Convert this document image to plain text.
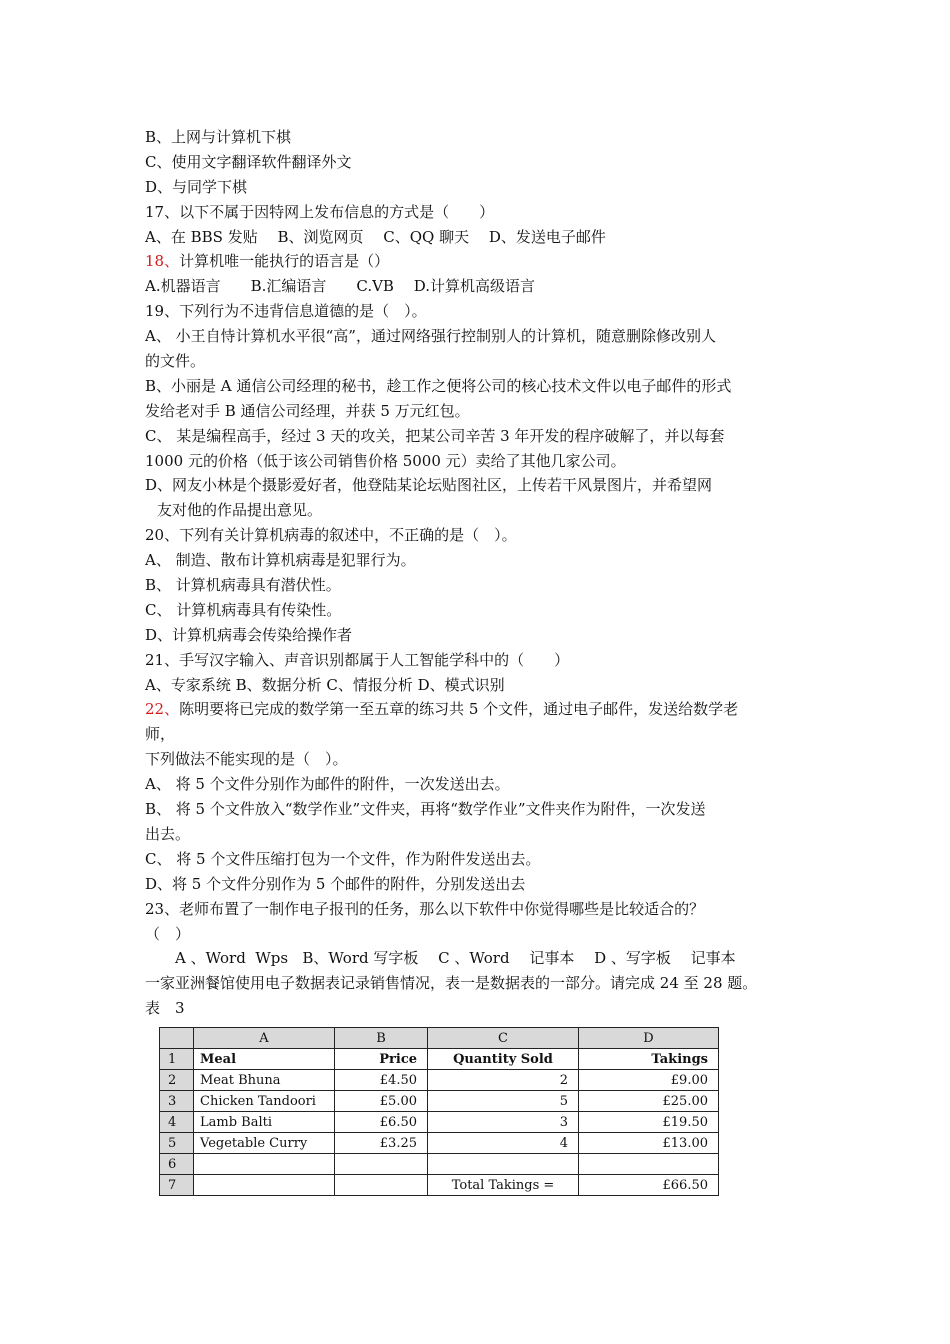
B、上网与计算机下棋
C、使用文字翻译软件翻译外文
D、与同学下棋
17、以下不属于因特网上发布信息的方式是（　　）
A、在 BBS 发贴　 B、浏览网页　 C、QQ 聊天　 D、发送电子邮件
18、计算机唯一能执行的语言是（）
A.机器语言　　B.汇编语言　　C.VB　 D.计算机高级语言
19、下列行为不违背信息道德的是（　）。
A、 小王自恃计算机水平很“高”，通过网络强行控制别人的计算机，随意删除修改别人
的文件。
B、小丽是 A 通信公司经理的秘书，趁工作之便将公司的核心技术文件以电子邮件的形式
发给老对手 B 通信公司经理，并获 5 万元红包。
C、 某是编程高手，经过 3 天的攻关，把某公司辛苦 3 年开发的程序破解了，并以每套
1000 元的价格（低于该公司销售价格 5000 元）卖给了其他几家公司。
D、网友小林是个摄影爱好者，他登陆某论坛贴图社区，上传若干风景图片，并希望网
友对他的作品提出意见。
20、下列有关计算机病毒的叙述中，不正确的是（　）。
A、 制造、散布计算机病毒是犯罪行为。
B、 计算机病毒具有潜伏性。
C、 计算机病毒具有传染性。
D、计算机病毒会传染给操作者
21、手写汉字输入、声音识别都属于人工智能学科中的（　　）
A、专家系统 B、数据分析 C、情报分析 D、模式识别
22、陈明要将已完成的数学第一至五章的练习共 5 个文件，通过电子邮件，发送给数学老
师，
下列做法不能实现的是（　）。
A、 将 5 个文件分别作为邮件的附件，一次发送出去。
B、 将 5 个文件放入“数学作业”文件夹，再将“数学作业”文件夹作为附件，一次发送
出去。
C、 将 5 个文件压缩打包为一个文件，作为附件发送出去。
D、将 5 个文件分别作为 5 个邮件的附件，分别发送出去
23、老师布置了一制作电子报刊的任务，那么以下软件中你觉得哪些是比较适合的？
（　）
　　A 、Word  Wps   B、Word 写字板　 C 、Word　 记事本　 D 、写字板　 记事本
一家亚洲餐馆使用电子数据表记录销售情况，表一是数据表的一部分。请完成 24 至 28 题。
表　3
	A	B	C	D
1	Meal	Price	Quantity Sold	Takings
2	Meat Bhuna	£4.50	2	£9.00
3	Chicken Tandoori	£5.00	5	£25.00
4	Lamb Balti	£6.50	3	£19.50
5	Vegetable Curry	£3.25	4	£13.00
6				
7			Total Takings =	£66.50
